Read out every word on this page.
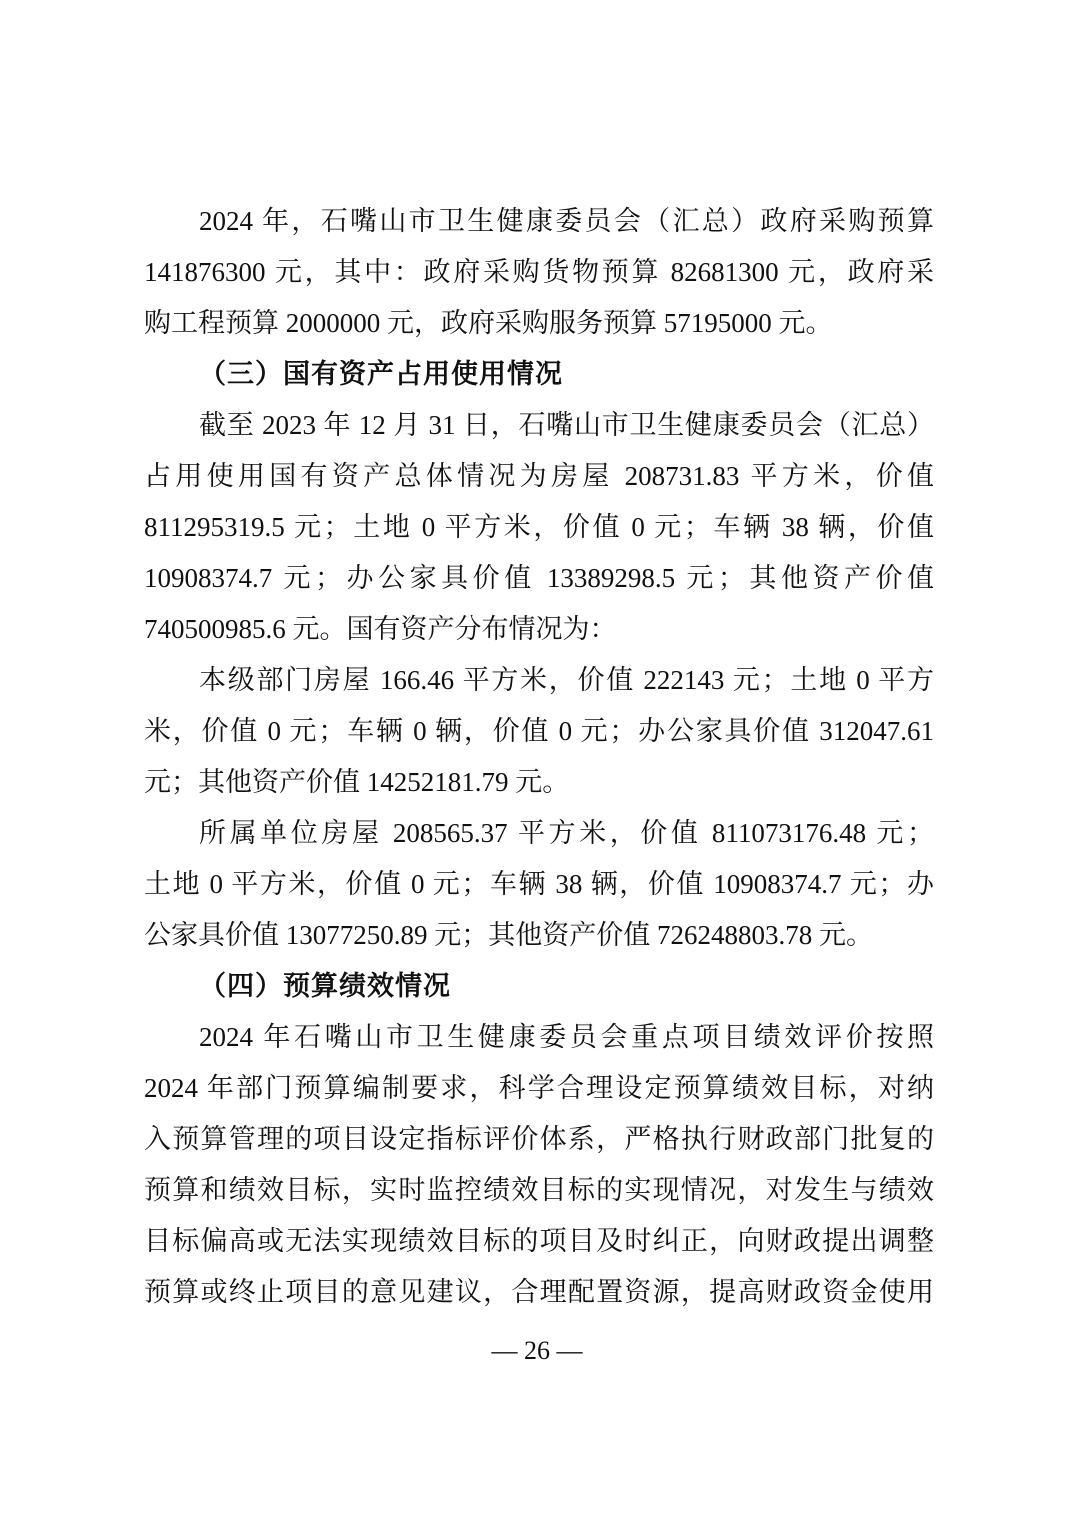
2024 年，石嘴山市卫生健康委员会（汇总）政府采购预算
141876300 元，其中：政府采购货物预算 82681300 元，政府采
购工程预算 2000000 元，政府采购服务预算 57195000 元。
（三）国有资产占用使用情况
截至 2023 年 12 月 31 日，石嘴山市卫生健康委员会（汇总）
占用使用国有资产总体情况为房屋 208731.83 平方米，价值
811295319.5 元；土地 0 平方米，价值 0 元；车辆 38 辆，价值
10908374.7 元；办公家具价值 13389298.5 元；其他资产价值
740500985.6 元。国有资产分布情况为：
本级部门房屋 166.46 平方米，价值 222143 元；土地 0 平方
米，价值 0 元；车辆 0 辆，价值 0 元；办公家具价值 312047.61
元；其他资产价值 14252181.79 元。
所属单位房屋 208565.37 平方米，价值 811073176.48 元；
土地 0 平方米，价值 0 元；车辆 38 辆，价值 10908374.7 元；办
公家具价值 13077250.89 元；其他资产价值 726248803.78 元。
（四）预算绩效情况
2024 年石嘴山市卫生健康委员会重点项目绩效评价按照
2024 年部门预算编制要求，科学合理设定预算绩效目标，对纳
入预算管理的项目设定指标评价体系，严格执行财政部门批复的
预算和绩效目标，实时监控绩效目标的实现情况，对发生与绩效
目标偏高或无法实现绩效目标的项目及时纠正，向财政提出调整
预算或终止项目的意见建议，合理配置资源，提高财政资金使用
— 26 —
